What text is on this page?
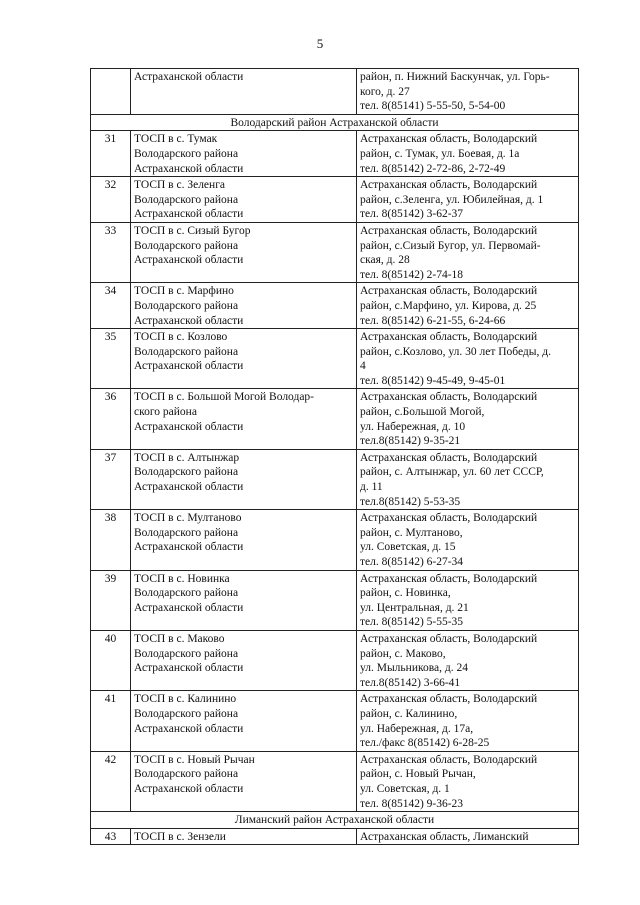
5
	Астраханской области	район, п. Нижний Баскунчак, ул. Горь-
кого, д. 27
тел. 8(85141) 5-55-50, 5-54-00
Володарский район Астраханской области		
31	ТОСП в с. Тумак
Володарского района
Астраханской области	Астраханская область, Володарский
район, с. Тумак, ул. Боевая, д. 1а
тел. 8(85142) 2-72-86, 2-72-49
32	ТОСП в с. Зеленга
Володарского района
Астраханской области	Астраханская область, Володарский
район, с.Зеленга, ул. Юбилейная, д. 1
тел. 8(85142) 3-62-37
33	ТОСП в с. Сизый Бугор
Володарского района
Астраханской области	Астраханская область, Володарский
район, с.Сизый Бугор, ул. Первомай-
ская, д. 28
тел. 8(85142) 2-74-18
34	ТОСП в с. Марфино
Володарского района
Астраханской области	Астраханская область, Володарский
район, с.Марфино, ул. Кирова, д. 25
тел. 8(85142) 6-21-55, 6-24-66
35	ТОСП в с. Козлово
Володарского района
Астраханской области	Астраханская область, Володарский
район, с.Козлово, ул. 30 лет Победы, д.
4
тел. 8(85142) 9-45-49, 9-45-01
36	ТОСП в с. Большой Могой Володар-
ского района
Астраханской области	Астраханская область, Володарский
район, с.Большой Могой,
ул. Набережная, д. 10
тел.8(85142) 9-35-21
37	ТОСП в с. Алтынжар
Володарского района
Астраханской области	Астраханская область, Володарский
район, с. Алтынжар, ул. 60 лет СССР,
д. 11
тел.8(85142) 5-53-35
38	ТОСП в с. Мултаново
Володарского района
Астраханской области	Астраханская область, Володарский
район, с. Мултаново,
ул. Советская, д. 15
тел. 8(85142) 6-27-34
39	ТОСП в с. Новинка
Володарского района
Астраханской области	Астраханская область, Володарский
район, с. Новинка,
ул. Центральная, д. 21
тел. 8(85142) 5-55-35
40	ТОСП в с. Маково
Володарского района
Астраханской области	Астраханская область, Володарский
район, с. Маково,
ул. Мыльникова, д. 24
тел.8(85142) 3-66-41
41	ТОСП в с. Калинино
Володарского района
Астраханской области	Астраханская область, Володарский
район, с. Калинино,
ул. Набережная, д. 17а,
тел./факс 8(85142) 6-28-25
42	ТОСП в с. Новый Рычан
Володарского района
Астраханской области	Астраханская область, Володарский
район, с. Новый Рычан,
ул. Советская, д. 1
тел. 8(85142) 9-36-23
Лиманский район Астраханской области		
43	ТОСП в с. Зензели	Астраханская область, Лиманский
